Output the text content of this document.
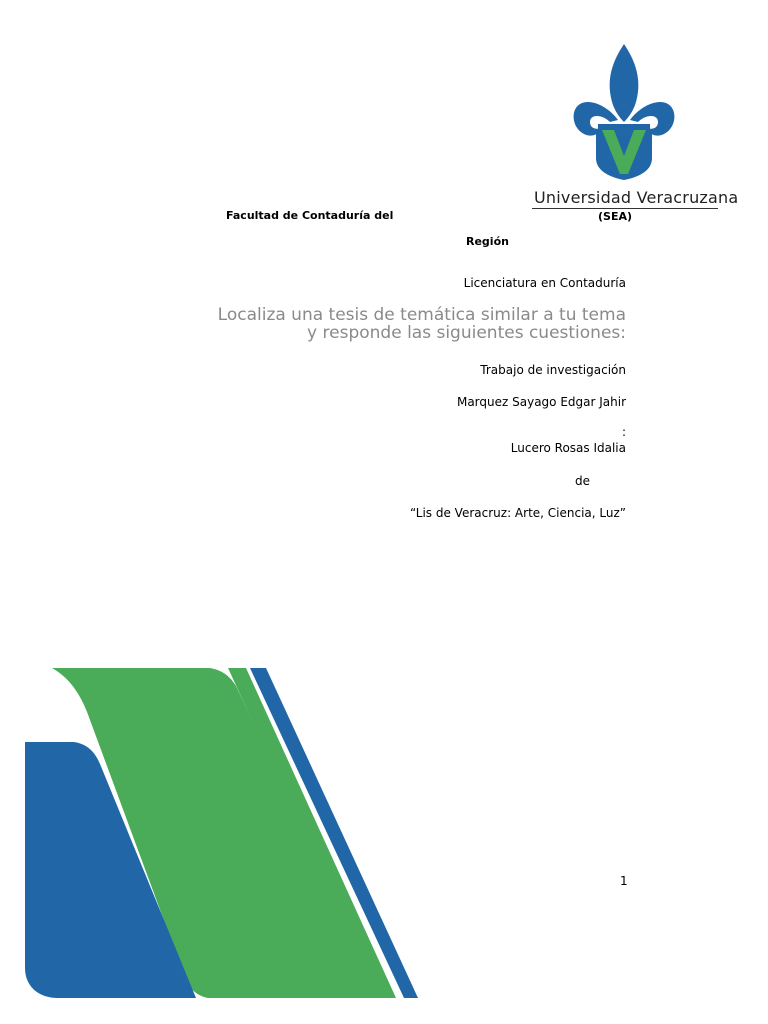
Universidad Veracruzana
(SEA)
Facultad de Contaduría del
Región
Licenciatura en Contaduría
Localiza una tesis de temática similar a tu tema
y responde las siguientes cuestiones:
Trabajo de investigación
Marquez Sayago Edgar Jahir
:
Lucero Rosas Idalia
de
“Lis de Veracruz: Arte, Ciencia, Luz”
1
